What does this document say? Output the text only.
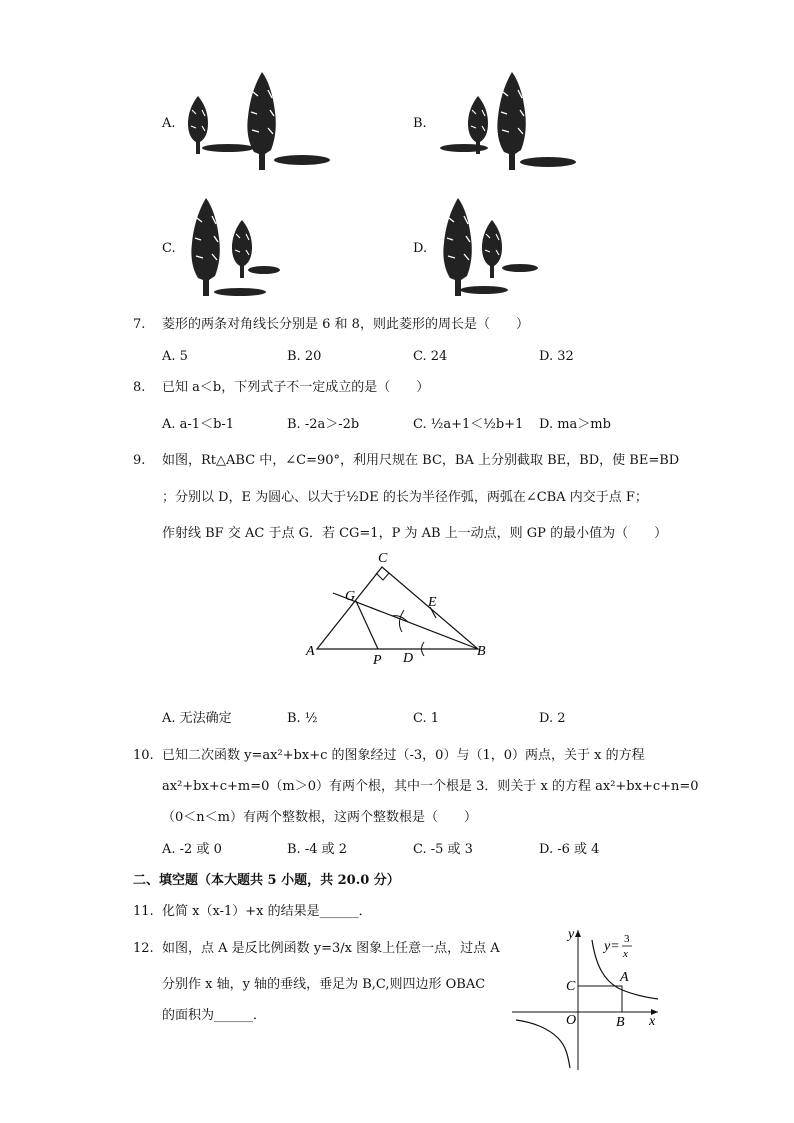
A.	B.
C.	D.
7. 菱形的两条对角线长分别是 6 和 8，则此菱形的周长是（　　）
A. 5	B. 20	C. 24	D. 32
8. 已知 a＜b，下列式子不一定成立的是（　　）
A. a-1＜b-1	B. -2a＞-2b	C. ½a+1＜½b+1 D. ma＞mb
9. 如图，Rt△ABC 中，∠C=90°，利用尺规在 BC，BA 上分别截取 BE，BD，使 BE=BD
；分别以 D，E 为圆心、以大于½DE 的长为半径作弧，两弧在∠CBA 内交于点 F；
作射线 BF 交 AC 于点 G．若 CG=1，P 为 AB 上一动点，则 GP 的最小值为（　　）
C
G	E
A
P D	B
A. 无法确定	B. ½	C. 1	D. 2
10. 已知二次函数 y=ax²+bx+c 的图象经过（-3，0）与（1，0）两点，关于 x 的方程
ax²+bx+c+m=0（m＞0）有两个根，其中一个根是 3．则关于 x 的方程 ax²+bx+c+n=0
（0＜n＜m）有两个整数根，这两个整数根是（　　）
A. -2 或 0	B. -4 或 2	C. -5 或 3	D. -6 或 4
二、填空题（本大题共 5 小题，共 20.0 分）
11. 化简 x（x-1）+x 的结果是______．
12. 如图，点 A 是反比例函数 y=3/x 图象上任意一点，过点 A
分别作 x 轴，y 轴的垂线，垂足为 B,C,则四边形 OBAC
的面积为______．
y
x
O
A
B
C
y= 3
x
